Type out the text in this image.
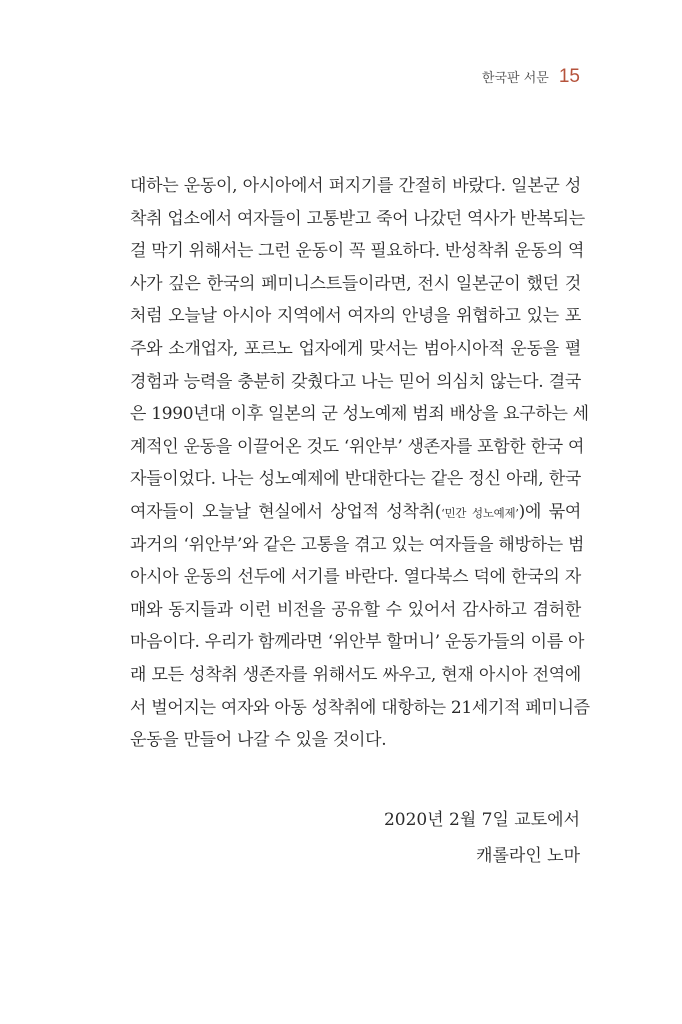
한국판 서문 15
대하는 운동이, 아시아에서 퍼지기를 간절히 바랐다. 일본군 성
착취 업소에서 여자들이 고통받고 죽어 나갔던 역사가 반복되는
걸 막기 위해서는 그런 운동이 꼭 필요하다. 반성착취 운동의 역
사가 깊은 한국의 페미니스트들이라면, 전시 일본군이 했던 것
처럼 오늘날 아시아 지역에서 여자의 안녕을 위협하고 있는 포
주와 소개업자, 포르노 업자에게 맞서는 범아시아적 운동을 펼
경험과 능력을 충분히 갖췄다고 나는 믿어 의심치 않는다. 결국
은 1990년대 이후 일본의 군 성노예제 범죄 배상을 요구하는 세
계적인 운동을 이끌어온 것도 ‘위안부’ 생존자를 포함한 한국 여
자들이었다. 나는 성노예제에 반대한다는 같은 정신 아래, 한국
여자들이 오늘날 현실에서 상업적 성착취(‘민간 성노예제’)에 묶여
과거의 ‘위안부’와 같은 고통을 겪고 있는 여자들을 해방하는 범
아시아 운동의 선두에 서기를 바란다. 열다북스 덕에 한국의 자
매와 동지들과 이런 비전을 공유할 수 있어서 감사하고 겸허한
마음이다. 우리가 함께라면 ‘위안부 할머니’ 운동가들의 이름 아
래 모든 성착취 생존자를 위해서도 싸우고, 현재 아시아 전역에
서 벌어지는 여자와 아동 성착취에 대항하는 21세기적 페미니즘
운동을 만들어 나갈 수 있을 것이다.
2020년 2월 7일 교토에서
캐롤라인 노마
